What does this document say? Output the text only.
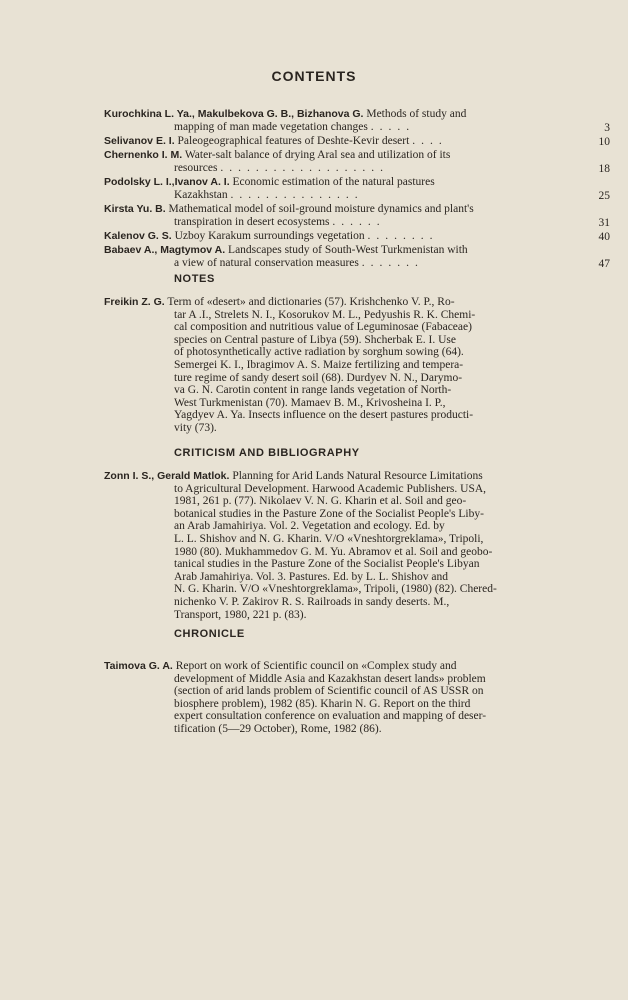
CONTENTS
Kurochkina L. Ya., Makulbekova G. B., Bizhanova G. Methods of study and
mapping of man made vegetation changes .....	3
Selivanov E. I. Paleogeographical features of Deshte-Kevir desert ....	10
Chernenko I. M. Water-salt balance of drying Aral sea and utilization of its
resources ...................	18
Podolsky L. I.,Ivanov A. I. Economic estimation of the natural pastures
Kazakhstan ...............	25
Kirsta Yu. B. Mathematical model of soil-ground moisture dynamics and plant's
transpiration in desert ecosystems ......	31
Kalenov G. S. Uzboy Karakum surroundings vegetation ........	40
Babaev A., Magtymov A. Landscapes study of South-West Turkmenistan with
a view of natural conservation measures .......	47
NOTES
Freikin Z. G. Term of «desert» and dictionaries (57). Krishchenko V. P., Ro-
tar A .I., Strelets N. I., Kosorukov M. L., Pedyushis R. K. Chemi-
cal composition and nutritious value of Leguminosae (Fabaceae)
species on Central pasture of Libya (59). Shcherbak E. I. Use
of photosynthetically active radiation by sorghum sowing (64).
Semergei K. I., Ibragimov A. S. Maize fertilizing and tempera-
ture regime of sandy desert soil (68). Durdyev N. N., Darymo-
va G. N. Carotin content in range lands vegetation of North-
West Turkmenistan (70). Mamaev B. M., Krivosheina I. P.,
Yagdyev A. Ya. Insects influence on the desert pastures producti-
vity (73).
CRITICISM AND BIBLIOGRAPHY
Zonn I. S., Gerald Matlok. Planning for Arid Lands Natural Resource Limitations
to Agricultural Development. Harwood Academic Publishers. USA,
1981, 261 p. (77). Nikolaev V. N. G. Kharin et al. Soil and geo-
botanical studies in the Pasture Zone of the Socialist People's Liby-
an Arab Jamahiriya. Vol. 2. Vegetation and ecology. Ed. by
L. L. Shishov and N. G. Kharin. V/O «Vneshtorgreklama», Tripoli,
1980 (80). Mukhammedov G. M. Yu. Abramov et al. Soil and geobo-
tanical studies in the Pasture Zone of the Socialist People's Libyan
Arab Jamahiriya. Vol. 3. Pastures. Ed. by L. L. Shishov and
N. G. Kharin. V/O «Vneshtorgreklama», Tripoli, (1980) (82). Chered-
nichenko V. P. Zakirov R. S. Railroads in sandy deserts. M.,
Transport, 1980, 221 p. (83).
CHRONICLE
Taimova G. A. Report on work of Scientific council on «Complex study and
development of Middle Asia and Kazakhstan desert lands» problem
(section of arid lands problem of Scientific council of AS USSR on
biosphere problem), 1982 (85). Kharin N. G. Report on the third
expert consultation conference on evaluation and mapping of deser-
tification (5—29 October), Rome, 1982 (86).
